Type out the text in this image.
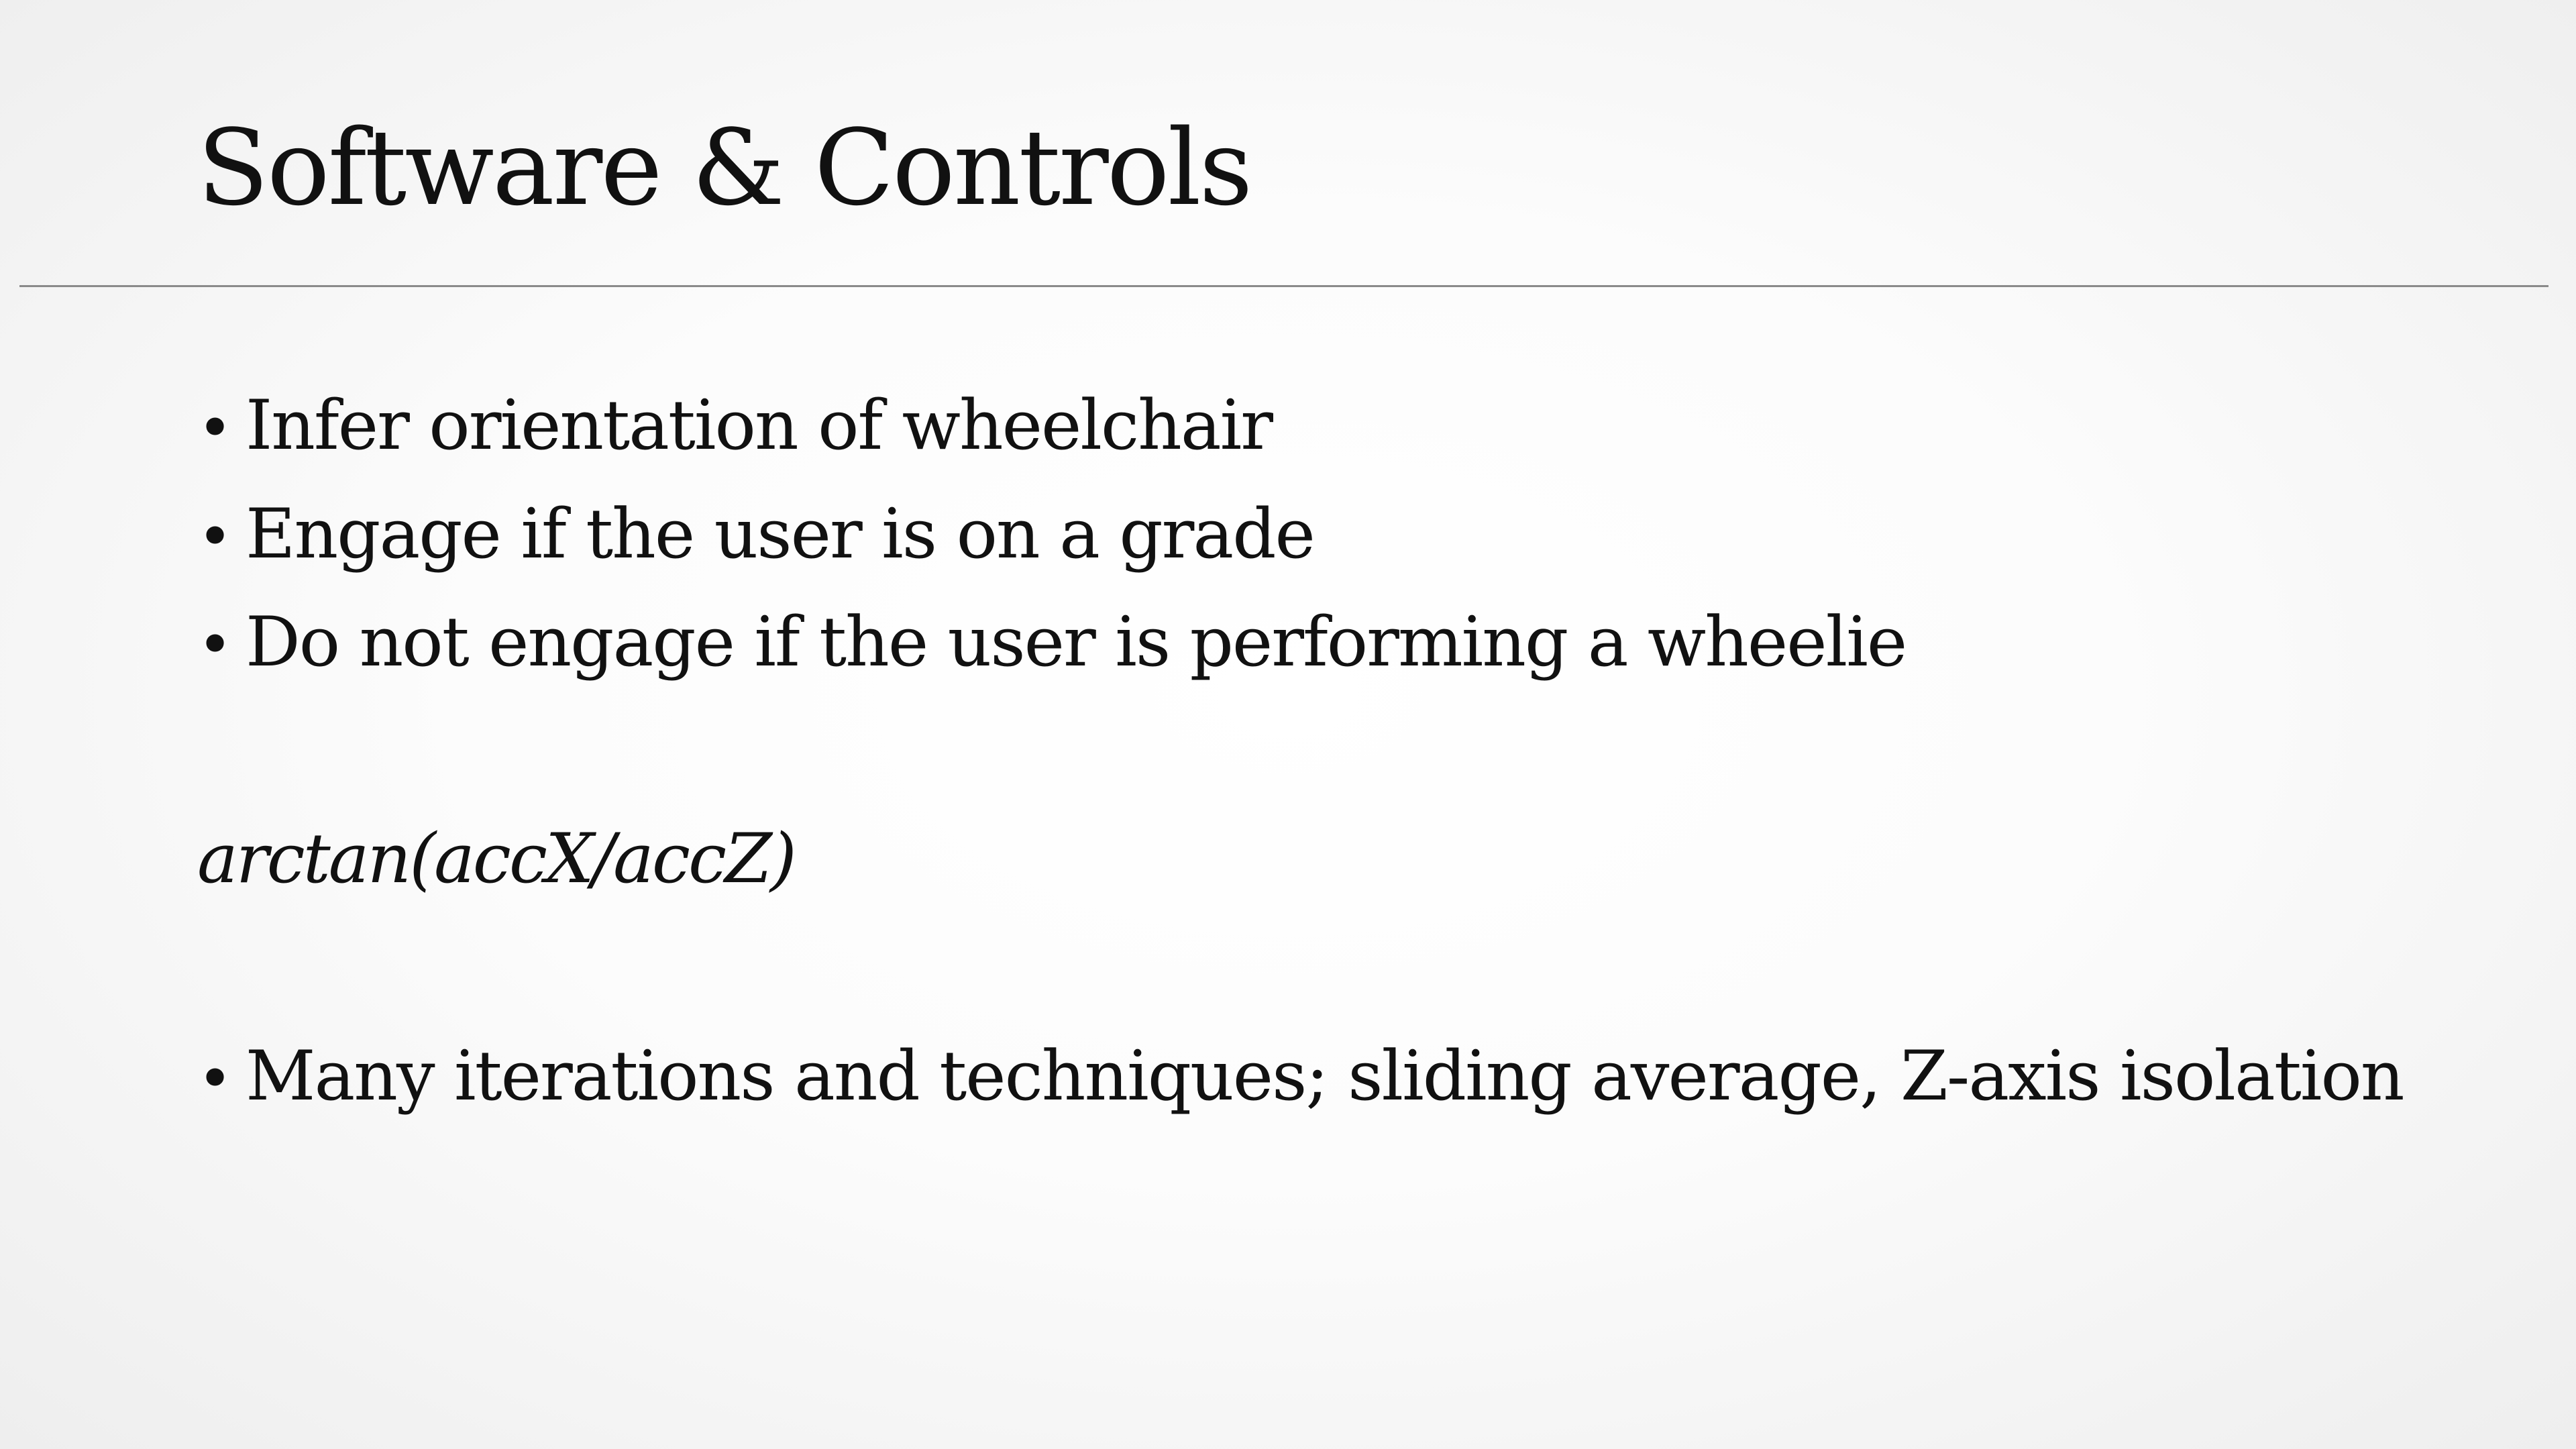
Software & Controls
• Infer orientation of wheelchair
• Engage if the user is on a grade
• Do not engage if the user is performing a wheelie
arctan(accX/accZ)
• Many iterations and techniques; sliding average, Z-axis isolation
